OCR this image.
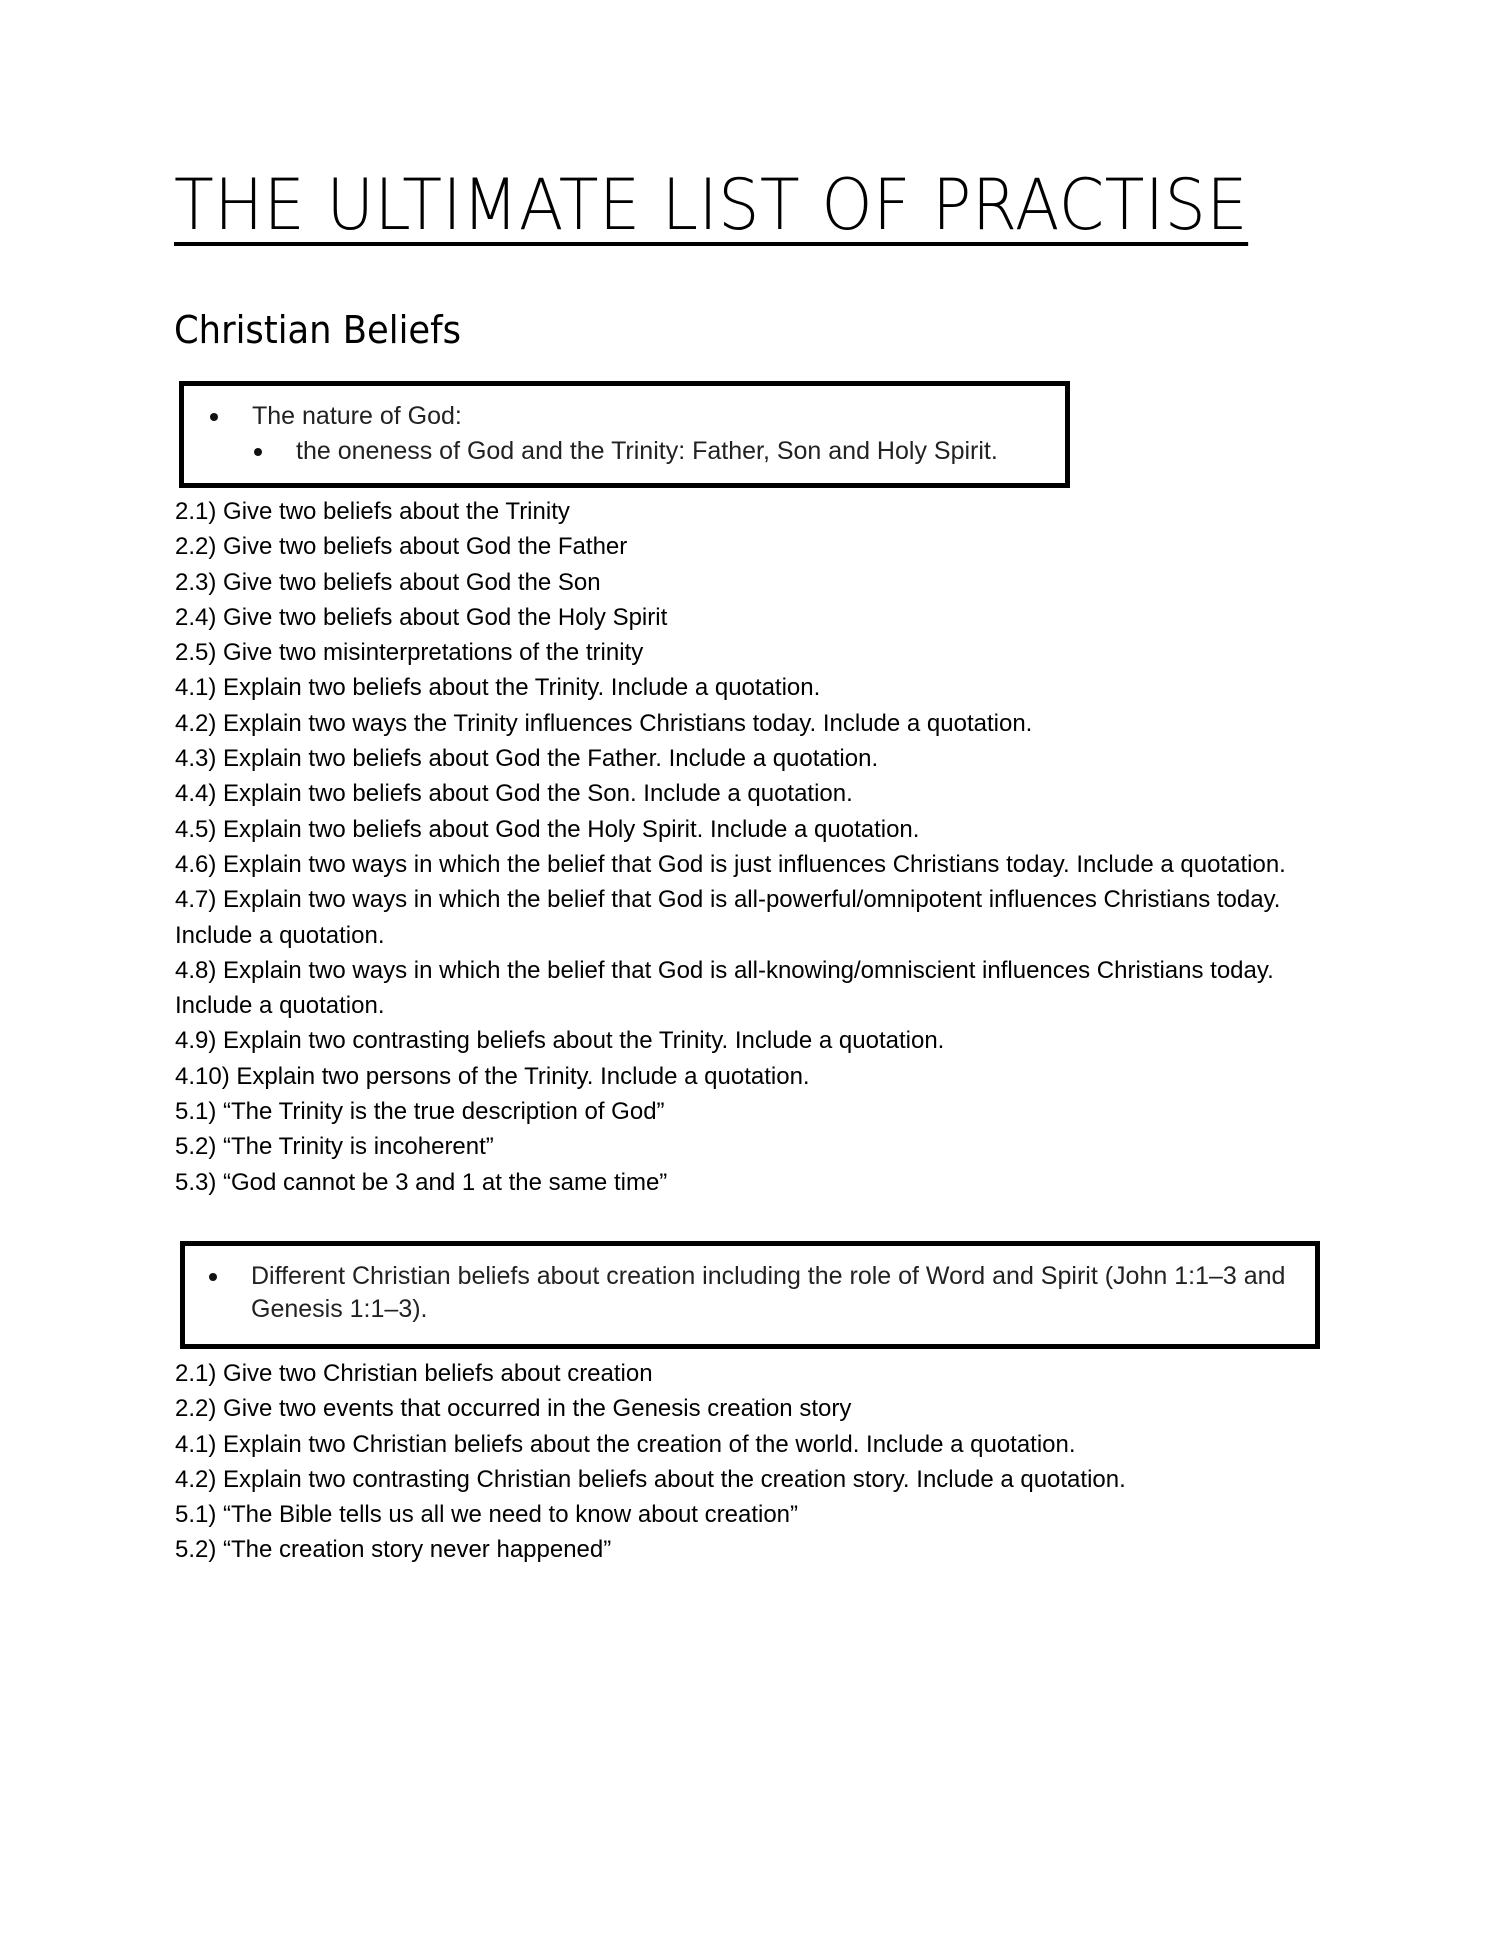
THE ULTIMATE LIST OF PRACTISE
Christian Beliefs
The nature of God:
the oneness of God and the Trinity: Father, Son and Holy Spirit.
2.1) Give two beliefs about the Trinity
2.2) Give two beliefs about God the Father
2.3) Give two beliefs about God the Son
2.4) Give two beliefs about God the Holy Spirit
2.5) Give two misinterpretations of the trinity
4.1) Explain two beliefs about the Trinity. Include a quotation.
4.2) Explain two ways the Trinity influences Christians today. Include a quotation.
4.3) Explain two beliefs about God the Father. Include a quotation.
4.4) Explain two beliefs about God the Son. Include a quotation.
4.5) Explain two beliefs about God the Holy Spirit. Include a quotation.
4.6) Explain two ways in which the belief that God is just influences Christians today. Include a quotation.
4.7) Explain two ways in which the belief that God is all-powerful/omnipotent influences Christians today. Include a quotation.
4.8) Explain two ways in which the belief that God is all-knowing/omniscient influences Christians today. Include a quotation.
4.9) Explain two contrasting beliefs about the Trinity. Include a quotation.
4.10) Explain two persons of the Trinity. Include a quotation.
5.1) “The Trinity is the true description of God”
5.2) “The Trinity is incoherent”
5.3) “God cannot be 3 and 1 at the same time”
Different Christian beliefs about creation including the role of Word and Spirit (John 1:1–3 and Genesis 1:1–3).
2.1) Give two Christian beliefs about creation
2.2) Give two events that occurred in the Genesis creation story
4.1) Explain two Christian beliefs about the creation of the world. Include a quotation.
4.2) Explain two contrasting Christian beliefs about the creation story. Include a quotation.
5.1) “The Bible tells us all we need to know about creation”
5.2) “The creation story never happened”
